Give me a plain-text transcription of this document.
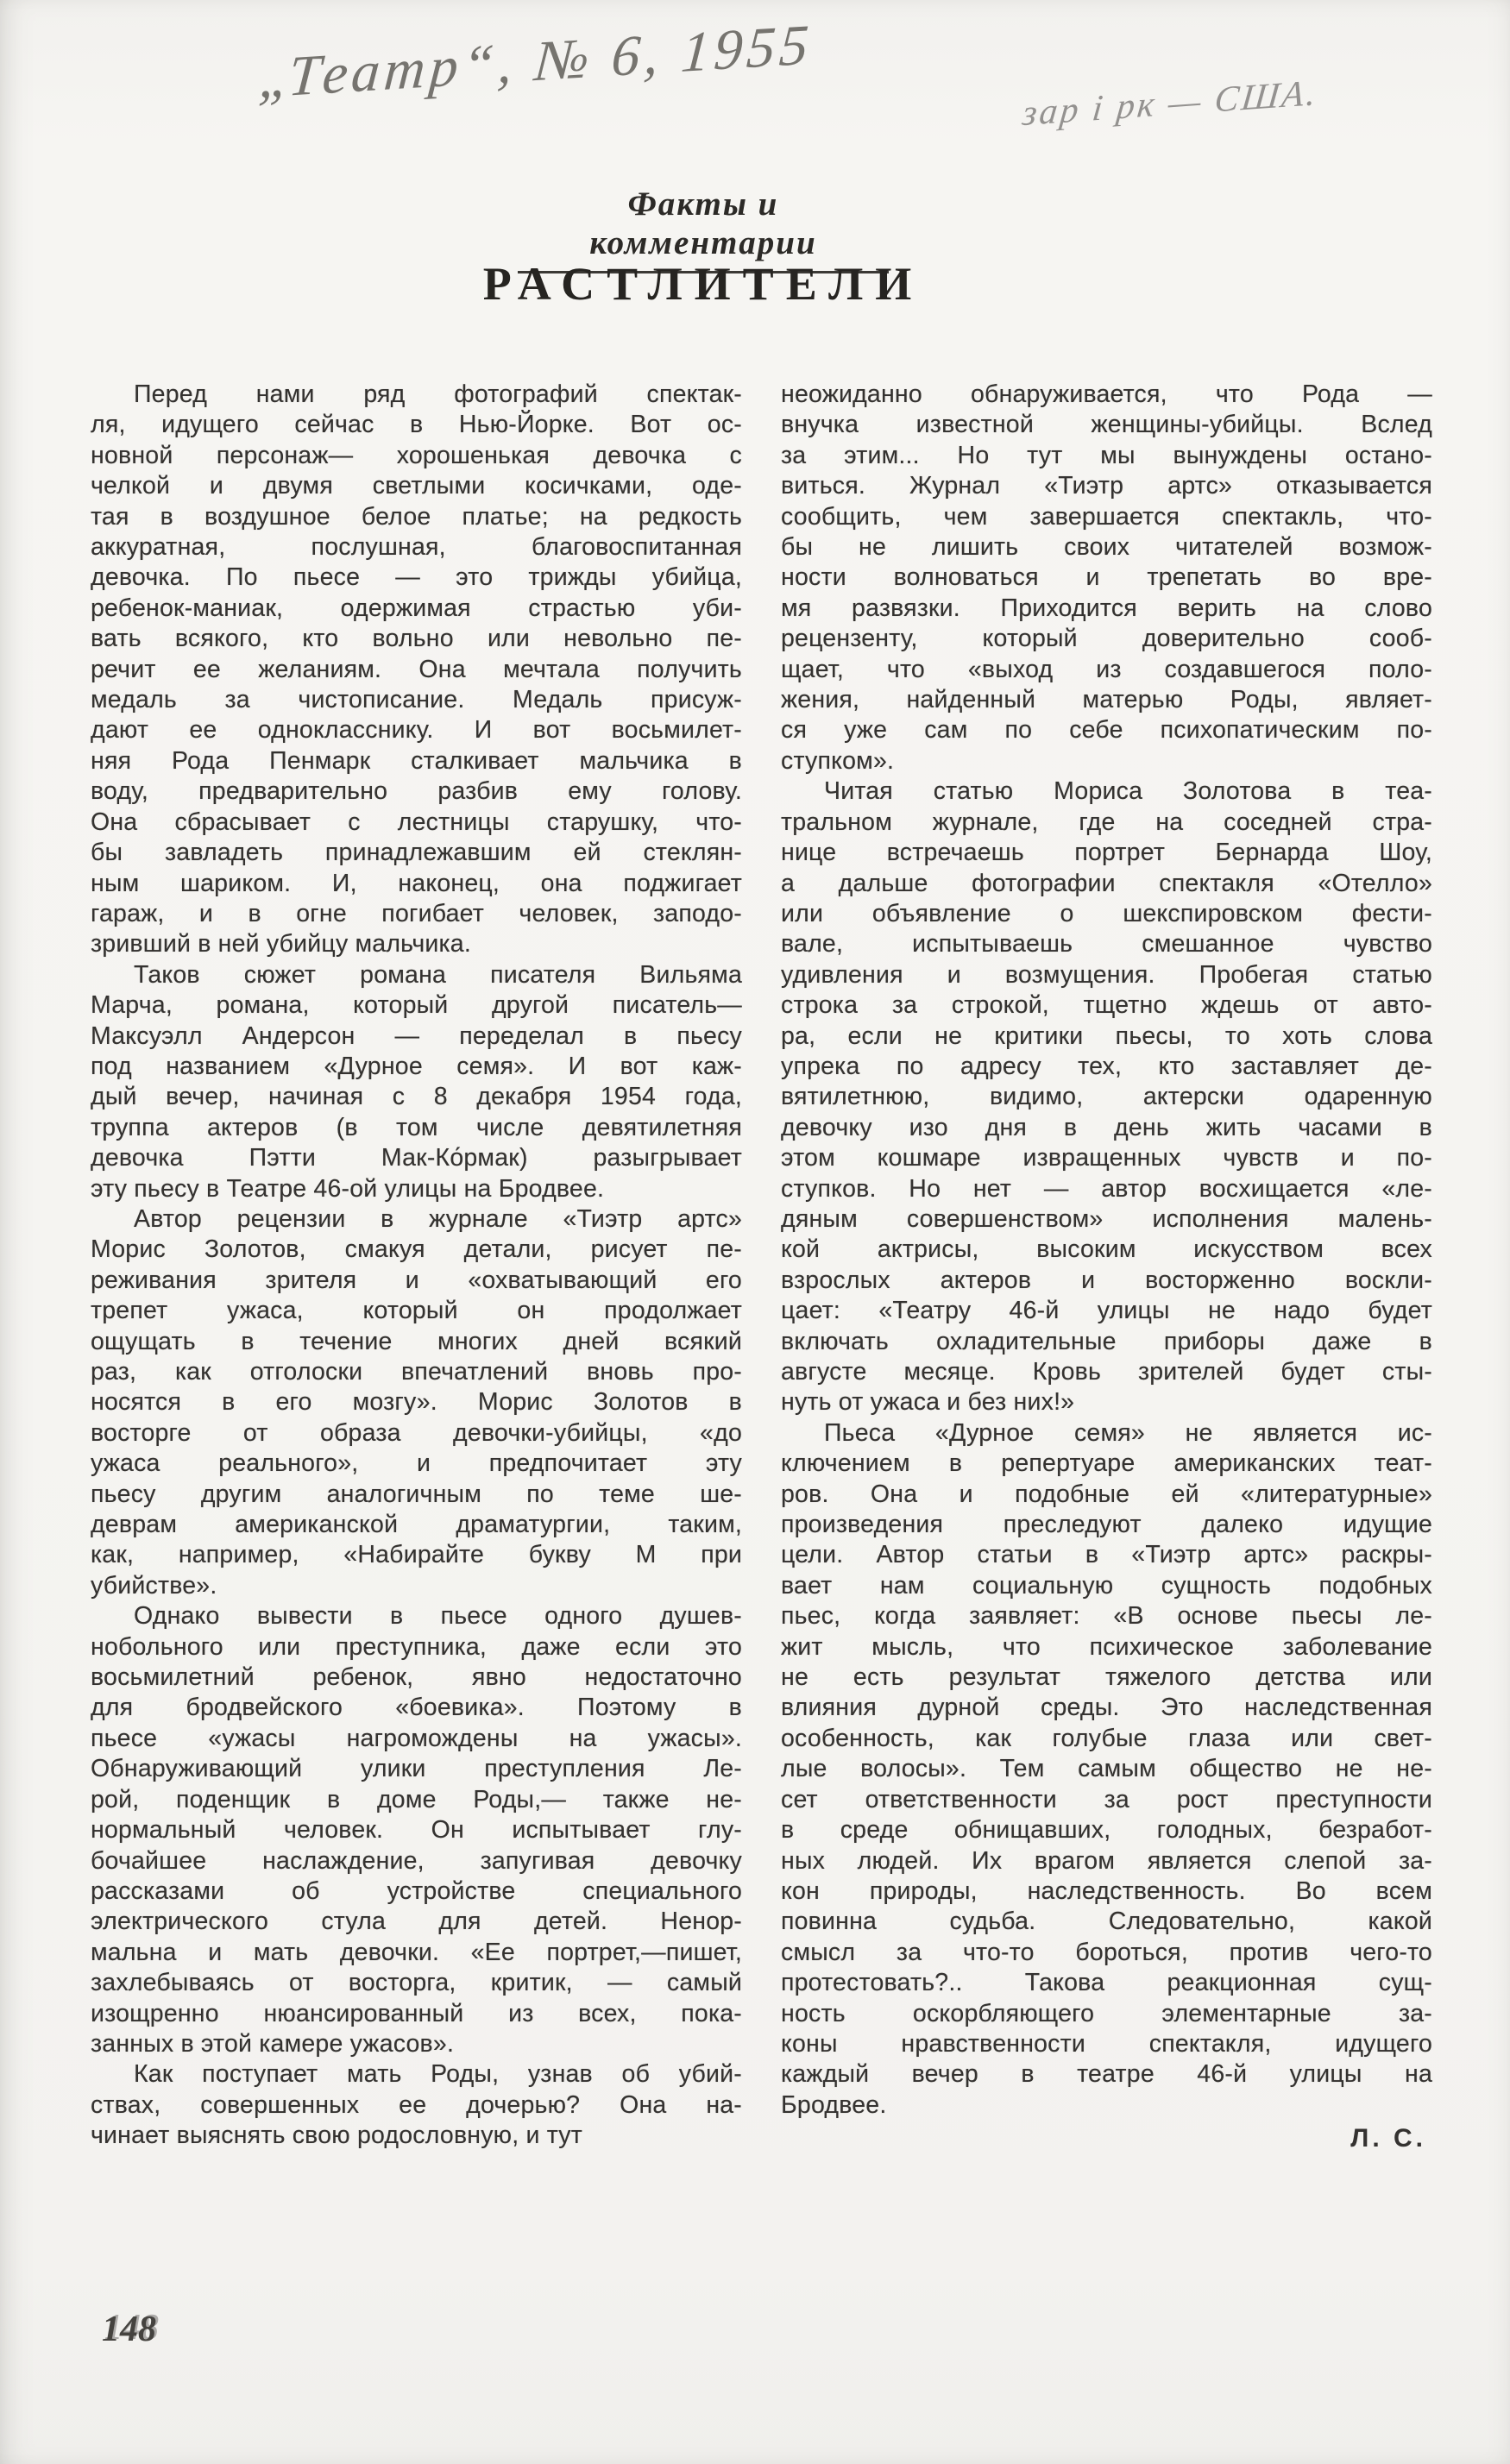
„Театр“, № 6, 1955	зар і рк — США.
Факты и комментарии
РАСТЛИТЕЛИ
Перед нами ряд фотографий спектак-
ля, идущего сейчас в Нью-Йорке. Вот ос-
новной персонаж— хорошенькая девочка с
челкой и двумя светлыми косичками, оде-
тая в воздушное белое платье; на редкость
аккуратная, послушная, благовоспитанная
девочка. По пьесе — это трижды убийца,
ребенок-маниак, одержимая страстью уби-
вать всякого, кто вольно или невольно пе-
речит ее желаниям. Она мечтала получить
медаль за чистописание. Медаль присуж-
дают ее однокласснику. И вот восьмилет-
няя Рода Пенмарк сталкивает мальчика в
воду, предварительно разбив ему голову.
Она сбрасывает с лестницы старушку, что-
бы завладеть принадлежавшим ей стеклян-
ным шариком. И, наконец, она поджигает
гараж, и в огне погибает человек, заподо-
зривший в ней убийцу мальчика.
Таков сюжет романа писателя Вильяма
Марча, романа, который другой писатель—
Максуэлл Андерсон — переделал в пьесу
под названием «Дурное семя». И вот каж-
дый вечер, начиная с 8 декабря 1954 года,
труппа актеров (в том числе девятилетняя
девочка Пэтти Мак-Ко́рмак) разыгрывает
эту пьесу в Театре 46-ой улицы на Бродвее.
Автор рецензии в журнале «Тиэтр артс»
Морис Золотов, смакуя детали, рисует пе-
реживания зрителя и «охватывающий его
трепет ужаса, который он продолжает
ощущать в течение многих дней всякий
раз, как отголоски впечатлений вновь про-
носятся в его мозгу». Морис Золотов в
восторге от образа девочки-убийцы, «до
ужаса реального», и предпочитает эту
пьесу другим аналогичным по теме ше-
деврам американской драматургии, таким,
как, например, «Набирайте букву М при
убийстве».
Однако вывести в пьесе одного душев-
нобольного или преступника, даже если это
восьмилетний ребенок, явно недостаточно
для бродвейского «боевика». Поэтому в
пьесе «ужасы нагромождены на ужасы».
Обнаруживающий улики преступления Ле-
рой, поденщик в доме Роды,— также не-
нормальный человек. Он испытывает глу-
бочайшее наслаждение, запугивая девочку
рассказами об устройстве специального
электрического стула для детей. Ненор-
мальна и мать девочки. «Ее портрет,—пишет,
захлебываясь от восторга, критик, — самый
изощренно нюансированный из всех, пока-
занных в этой камере ужасов».
Как поступает мать Роды, узнав об убий-
ствах, совершенных ее дочерью? Она на-
чинает выяснять свою родословную, и тут
неожиданно обнаруживается, что Рода —
внучка известной женщины-убийцы. Вслед
за этим... Но тут мы вынуждены остано-
виться. Журнал «Тиэтр артс» отказывается
сообщить, чем завершается спектакль, что-
бы не лишить своих читателей возмож-
ности волноваться и трепетать во вре-
мя развязки. Приходится верить на слово
рецензенту, который доверительно сооб-
щает, что «выход из создавшегося поло-
жения, найденный матерью Роды, являет-
ся уже сам по себе психопатическим по-
ступком».
Читая статью Мориса Золотова в теа-
тральном журнале, где на соседней стра-
нице встречаешь портрет Бернарда Шоу,
а дальше фотографии спектакля «Отелло»
или объявление о шекспировском фести-
вале, испытываешь смешанное чувство
удивления и возмущения. Пробегая статью
строка за строкой, тщетно ждешь от авто-
ра, если не критики пьесы, то хоть слова
упрека по адресу тех, кто заставляет де-
вятилетнюю, видимо, актерски одаренную
девочку изо дня в день жить часами в
этом кошмаре извращенных чувств и по-
ступков. Но нет — автор восхищается «ле-
дяным совершенством» исполнения малень-
кой актрисы, высоким искусством всех
взрослых актеров и восторженно воскли-
цает: «Театру 46-й улицы не надо будет
включать охладительные приборы даже в
августе месяце. Кровь зрителей будет сты-
нуть от ужаса и без них!»
Пьеса «Дурное семя» не является ис-
ключением в репертуаре американских теат-
ров. Она и подобные ей «литературные»
произведения преследуют далеко идущие
цели. Автор статьи в «Тиэтр артс» раскры-
вает нам социальную сущность подобных
пьес, когда заявляет: «В основе пьесы ле-
жит мысль, что психическое заболевание
не есть результат тяжелого детства или
влияния дурной среды. Это наследственная
особенность, как голубые глаза или свет-
лые волосы». Тем самым общество не не-
сет ответственности за рост преступности
в среде обнищавших, голодных, безработ-
ных людей. Их врагом является слепой за-
кон природы, наследственность. Во всем
повинна судьба. Следовательно, какой
смысл за что-то бороться, против чего-то
протестовать?.. Такова реакционная сущ-
ность оскорбляющего элементарные за-
коны нравственности спектакля, идущего
каждый вечер в театре 46-й улицы на
Бродвее.
Л. С.
148
